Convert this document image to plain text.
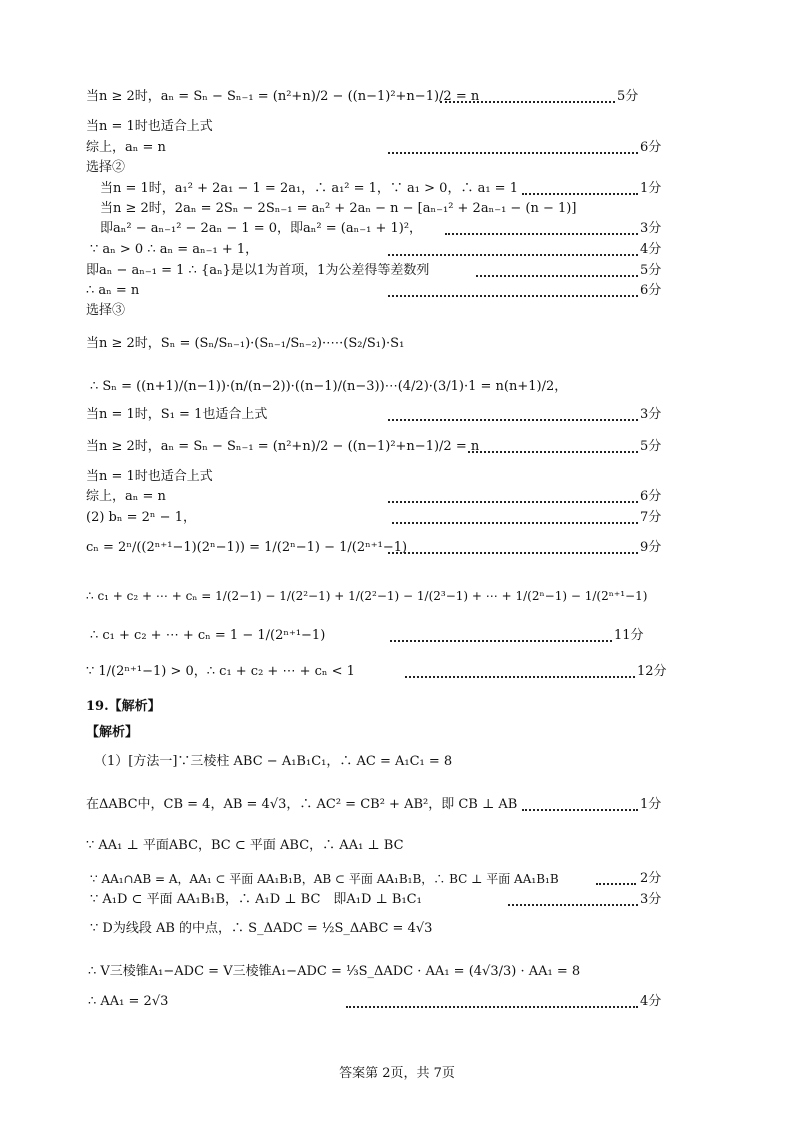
当n ≥ 2时，aₙ = Sₙ − Sₙ₋₁ = (n²+n)/2 − ((n−1)²+n−1)/2 = n	5分
当n = 1时也适合上式
综上，aₙ = n	6分
选择②
当n = 1时，a₁² + 2a₁ − 1 = 2a₁，∴ a₁² = 1，∵ a₁ > 0，∴ a₁ = 1	1分
当n ≥ 2时，2aₙ = 2Sₙ − 2Sₙ₋₁ = aₙ² + 2aₙ − n − [aₙ₋₁² + 2aₙ₋₁ − (n − 1)]
即aₙ² − aₙ₋₁² − 2aₙ − 1 = 0，即aₙ² = (aₙ₋₁ + 1)²，	3分
∵ aₙ > 0 ∴ aₙ = aₙ₋₁ + 1，	4分
即aₙ − aₙ₋₁ = 1 ∴ {aₙ}是以1为首项，1为公差得等差数列	5分
∴ aₙ = n	6分
选择③
当n ≥ 2时，Sₙ = (Sₙ/Sₙ₋₁)·(Sₙ₋₁/Sₙ₋₂)·⋯·(S₂/S₁)·S₁
∴ Sₙ = ((n+1)/(n−1))·(n/(n−2))·((n−1)/(n−3))⋯(4/2)·(3/1)·1 = n(n+1)/2，
当n = 1时，S₁ = 1也适合上式	3分
当n ≥ 2时，aₙ = Sₙ − Sₙ₋₁ = (n²+n)/2 − ((n−1)²+n−1)/2 = n	5分
当n = 1时也适合上式
综上，aₙ = n	6分
(2) bₙ = 2ⁿ − 1，	7分
cₙ = 2ⁿ/((2ⁿ⁺¹−1)(2ⁿ−1)) = 1/(2ⁿ−1) − 1/(2ⁿ⁺¹−1)	9分
∴ c₁ + c₂ + ⋯ + cₙ = 1/(2−1) − 1/(2²−1) + 1/(2²−1) − 1/(2³−1) + ⋯ + 1/(2ⁿ−1) − 1/(2ⁿ⁺¹−1)
∴ c₁ + c₂ + ⋯ + cₙ = 1 − 1/(2ⁿ⁺¹−1)	11分
∵ 1/(2ⁿ⁺¹−1) > 0，∴ c₁ + c₂ + ⋯ + cₙ < 1	12分
19.【解析】
【解析】
（1）[方法一]∵三棱柱 ABC − A₁B₁C₁，∴ AC = A₁C₁ = 8
在ΔABC中，CB = 4，AB = 4√3，∴ AC² = CB² + AB²，即 CB ⊥ AB	1分
∵ AA₁ ⊥ 平面ABC，BC ⊂ 平面 ABC，∴ AA₁ ⊥ BC
∵ AA₁∩AB = A，AA₁ ⊂ 平面 AA₁B₁B，AB ⊂ 平面 AA₁B₁B，∴ BC ⊥ 平面 AA₁B₁B	2分
∵ A₁D ⊂ 平面 AA₁B₁B，∴ A₁D ⊥ BC　即A₁D ⊥ B₁C₁	3分
∵ D为线段 AB 的中点，∴ S_ΔADC = ½S_ΔABC = 4√3
∴ V三棱锥A₁−ADC = V三棱锥A₁−ADC = ⅓S_ΔADC · AA₁ = (4√3/3) · AA₁ = 8
∴ AA₁ = 2√3	4分
答案第 2页，共 7页
